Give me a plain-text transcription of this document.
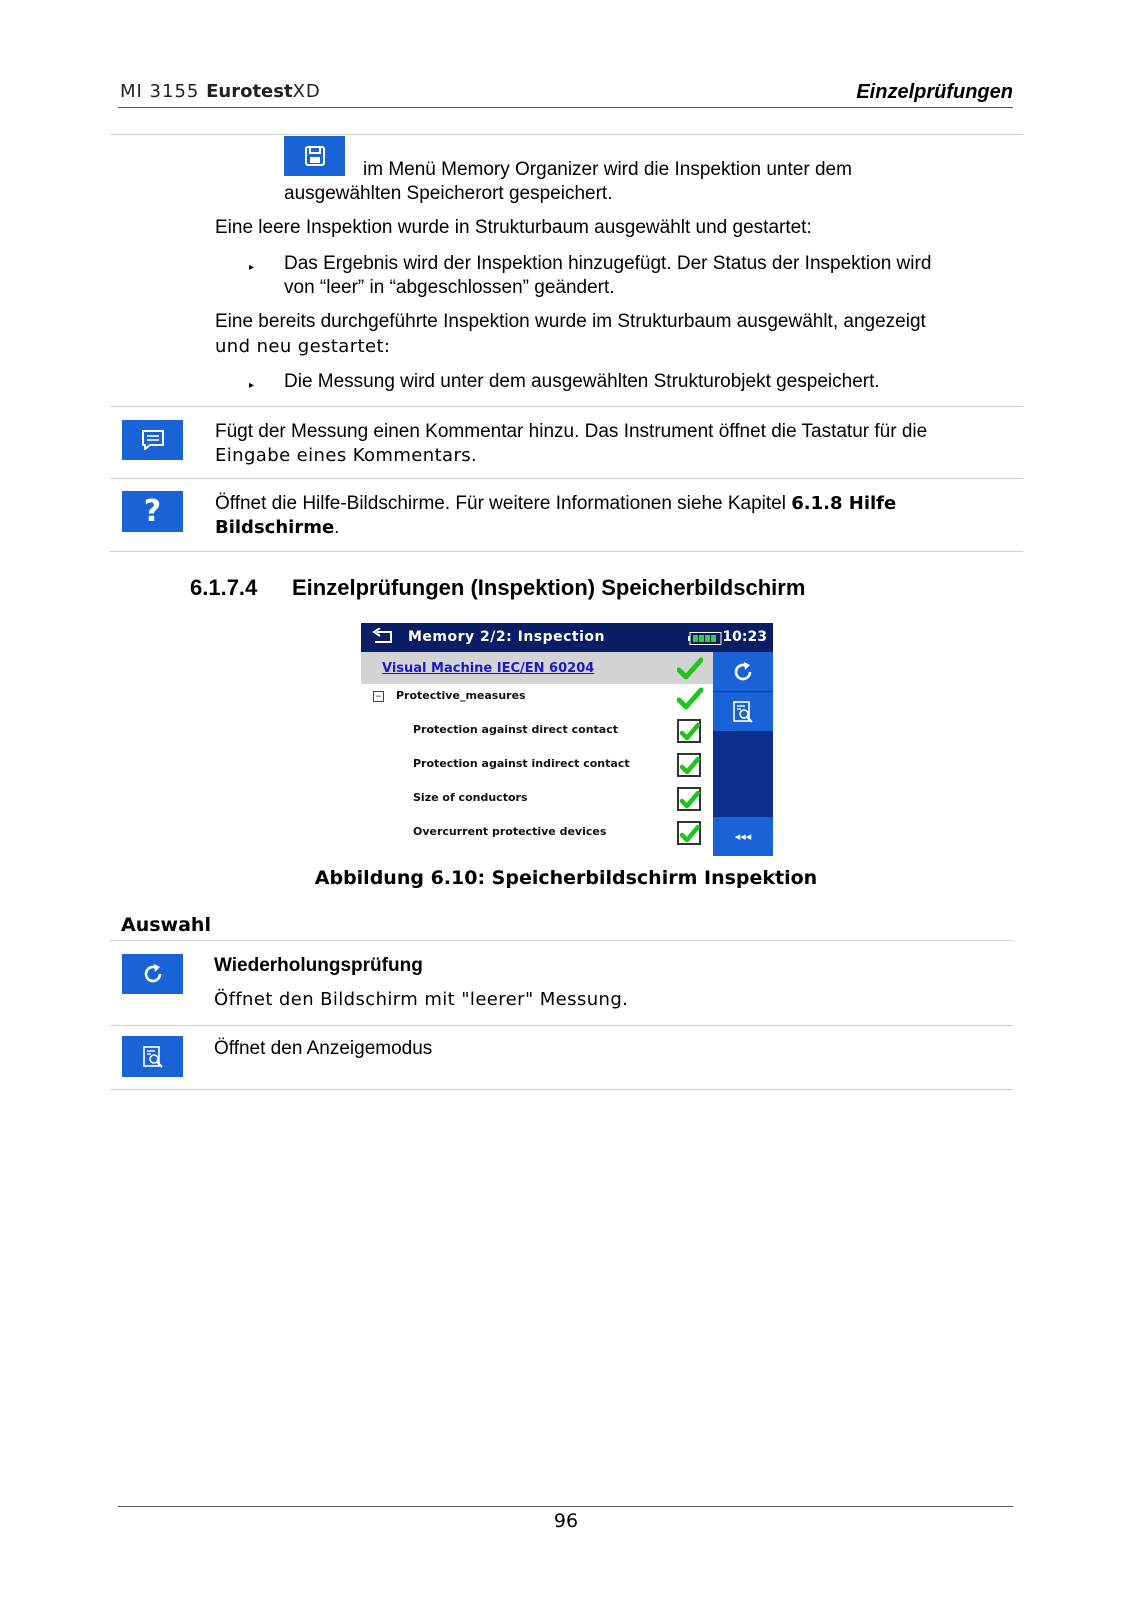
MI 3155 EurotestXD	Einzelprüfungen
im Menü Memory Organizer wird die Inspektion unter dem
ausgewählten Speicherort gespeichert.
Eine leere Inspektion wurde in Strukturbaum ausgewählt und gestartet:
▸ Das Ergebnis wird der Inspektion hinzugefügt. Der Status der Inspektion wird
von “leer” in “abgeschlossen” geändert.
Eine bereits durchgeführte Inspektion wurde im Strukturbaum ausgewählt, angezeigt
und neu gestartet:
▸ Die Messung wird unter dem ausgewählten Strukturobjekt gespeichert.
Fügt der Messung einen Kommentar hinzu. Das Instrument öffnet die Tastatur für die
Eingabe eines Kommentars.
?	Öffnet die Hilfe-Bildschirme. Für weitere Informationen siehe Kapitel 6.1.8 Hilfe
Bildschirme.
6.1.7.4 Einzelprüfungen (Inspektion) Speicherbildschirm
Memory 2/2: Inspection	10:23
Visual Machine IEC/EN 60204
− Protective_measures
Protection against direct contact
Protection against indirect contact
Size of conductors
Overcurrent protective devices	◂◂◂
Abbildung 6.10: Speicherbildschirm Inspektion
Auswahl
Wiederholungsprüfung
Öffnet den Bildschirm mit "leerer" Messung.
Öffnet den Anzeigemodus
96
